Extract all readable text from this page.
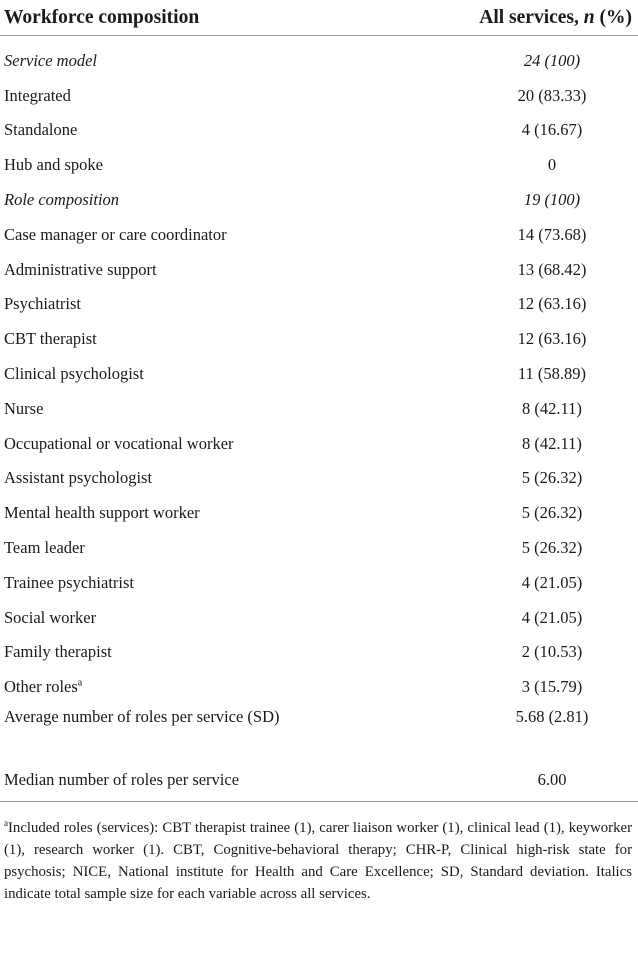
Workforce composition	All services, n (%)
Service model	24 (100)
Integrated	20 (83.33)
Standalone	4 (16.67)
Hub and spoke	0
Role composition	19 (100)
Case manager or care coordinator	14 (73.68)
Administrative support	13 (68.42)
Psychiatrist	12 (63.16)
CBT therapist	12 (63.16)
Clinical psychologist	11 (58.89)
Nurse	8 (42.11)
Occupational or vocational worker	8 (42.11)
Assistant psychologist	5 (26.32)
Mental health support worker	5 (26.32)
Team leader	5 (26.32)
Trainee psychiatrist	4 (21.05)
Social worker	4 (21.05)
Family therapist	2 (10.53)
Other roles$^a$	3 (15.79)
Average number of roles per service (SD)	5.68 (2.81)
Median number of roles per service	6.00
$^a$Included roles (services): CBT therapist trainee (1), carer liaison worker (1), clinical lead (1), keyworker (1), research worker (1). CBT, Cognitive-behavioral therapy; CHR-P, Clinical high-risk state for psychosis; NICE, National institute for Health and Care Excellence; SD, Standard deviation. Italics indicate total sample size for each variable across all services.
